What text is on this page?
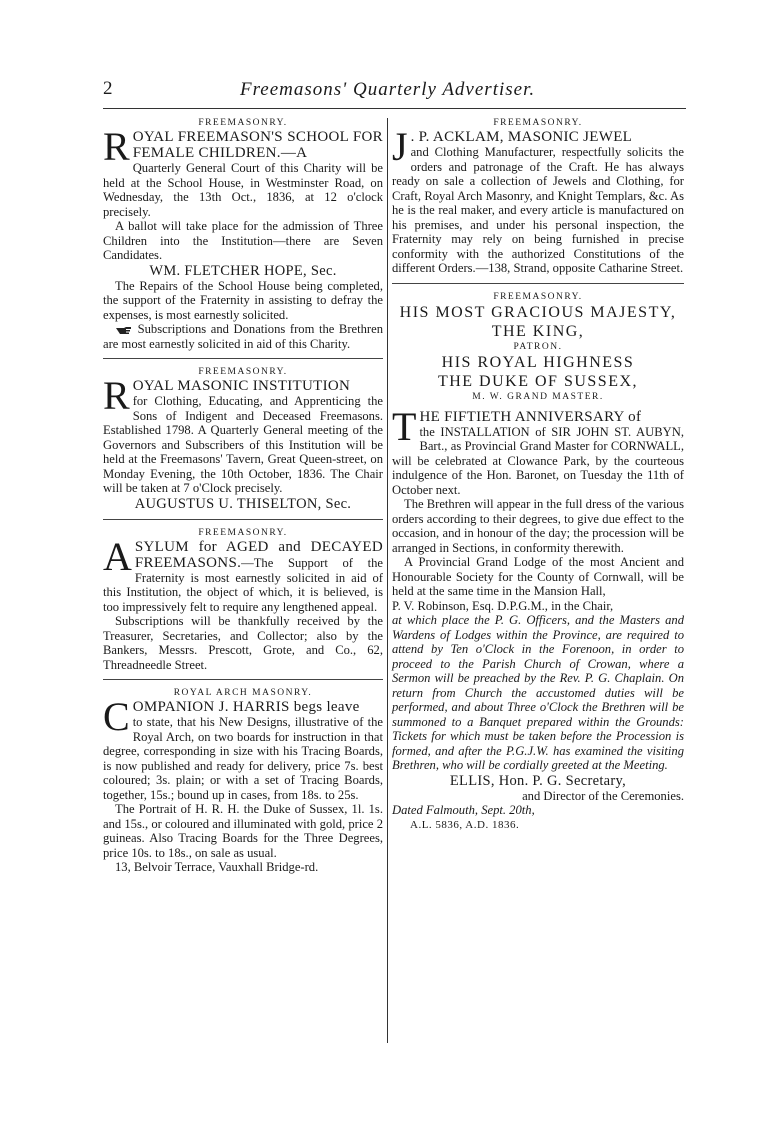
2	Freemasons' Quarterly Advertiser.
FREEMASONRY.
R OYAL FREEMASON'S SCHOOL FOR FEMALE CHILDREN.—A

Quarterly General Court of this Charity will be held at the School House, in Westminster Road, on Wednesday, the 13th Oct., 1836, at 12 o'clock precisely.

A ballot will take place for the admission of Three Children into the Institution—there are Seven Candidates.

WM. FLETCHER HOPE, Sec.

The Repairs of the School House being completed, the support of the Fraternity in assisting to defray the expenses, is most earnestly solicited.

Subscriptions and Donations from the Brethren are most earnestly solicited in aid of this Charity.

FREEMASONRY.
R OYAL MASONIC INSTITUTION

for Clothing, Educating, and Apprenticing the Sons of Indigent and Deceased Freemasons. Established 1798. A Quarterly General meeting of the Governors and Subscribers of this Institution will be held at the Freemasons' Tavern, Great Queen-street, on Monday Evening, the 10th October, 1836. The Chair will be taken at 7 o'Clock precisely.

AUGUSTUS U. THISELTON, Sec.

FREEMASONRY.
A SYLUM for AGED and DECAYED FREEMASONS.—The Support of the Fraternity is most earnestly solicited in aid of this Institution, the object of which, it is believed, is too impressively felt to require any lengthened appeal.

Subscriptions will be thankfully received by the Treasurer, Secretaries, and Collector; also by the Bankers, Messrs. Prescott, Grote, and Co., 62, Threadneedle Street.

ROYAL ARCH MASONRY.
C OMPANION J. HARRIS begs leave

to state, that his New Designs, illustrative of the Royal Arch, on two boards for instruction in that degree, corresponding in size with his Tracing Boards, is now published and ready for delivery, price 7s. best coloured; 3s. plain; or with a set of Tracing Boards, together, 15s.; bound up in cases, from 18s. to 25s.

The Portrait of H. R. H. the Duke of Sussex, 1l. 1s. and 15s., or coloured and illuminated with gold, price 2 guineas. Also Tracing Boards for the Three Degrees, price 10s. to 18s., on sale as usual.

13, Belvoir Terrace, Vauxhall Bridge-rd.

FREEMASONRY.
J . P. ACKLAM, MASONIC JEWEL

and Clothing Manufacturer, respectfully solicits the orders and patronage of the Craft. He has always ready on sale a collection of Jewels and Clothing, for Craft, Royal Arch Masonry, and Knight Templars, &c. As he is the real maker, and every article is manufactured on his premises, and under his personal inspection, the Fraternity may rely on being furnished in precise conformity with the authorized Constitutions of the different Orders.—138, Strand, opposite Catharine Street.

FREEMASONRY.

HIS MOST GRACIOUS MAJESTY,

THE KING,

PATRON.

HIS ROYAL HIGHNESS

THE DUKE OF SUSSEX,

M. W. GRAND MASTER.

T HE FIFTIETH ANNIVERSARY of

the INSTALLATION of SIR JOHN ST. AUBYN, Bart., as Provincial Grand Master for CORNWALL, will be celebrated at Clowance Park, by the courteous indulgence of the Hon. Baronet, on Tuesday the 11th of October next.

The Brethren will appear in the full dress of the various orders according to their degrees, to give due effect to the occasion, and in honour of the day; the procession will be arranged in Sections, in conformity therewith.

A Provincial Grand Lodge of the most Ancient and Honourable Society for the County of Cornwall, will be held at the same time in the Mansion Hall,

P. V. Robinson, Esq. D.P.G.M., in the Chair,

at which place the P. G. Officers, and the Masters and Wardens of Lodges within the Province, are required to attend by Ten o'Clock in the Forenoon, in order to proceed to the Parish Church of Crowan, where a Sermon will be preached by the Rev. P. G. Chaplain. On return from Church the accustomed duties will be performed, and about Three o'Clock the Brethren will be summoned to a Banquet prepared within the Grounds: Tickets for which must be taken before the Procession is formed, and after the P.G.J.W. has examined the visiting Brethren, who will be cordially greeted at the Meeting.

ELLIS, Hon. P. G. Secretary,

and Director of the Ceremonies.

Dated Falmouth, Sept. 20th,

A.L. 5836, A.D. 1836.
